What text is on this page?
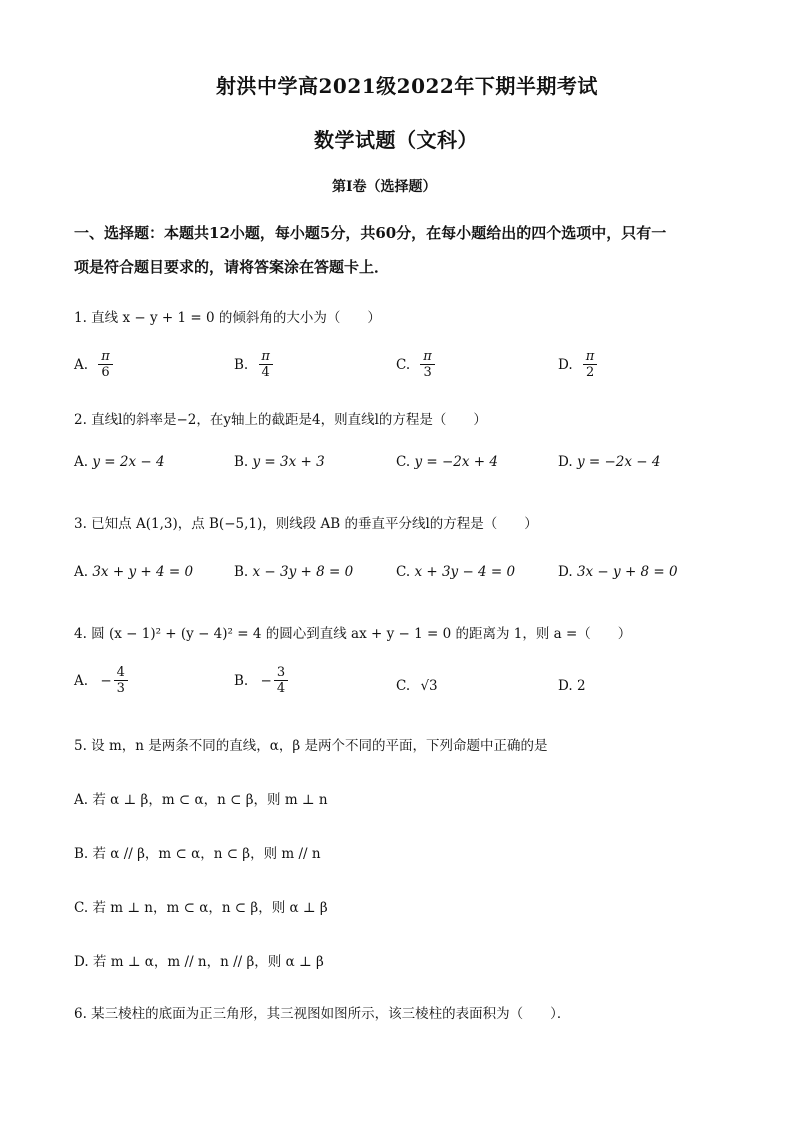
射洪中学高2021级2022年下期半期考试
数学试题（文科）
第Ⅰ卷（选择题）
一、选择题：本题共12小题，每小题5分，共60分，在每小题给出的四个选项中，只有一
项是符合题目要求的，请将答案涂在答题卡上．
1. 直线 x − y + 1 = 0 的倾斜角的大小为（　　）
A. $\frac{\pi}{6}$	B. $\frac{\pi}{4}$	C. $\frac{\pi}{3}$	D. $\frac{\pi}{2}$
2. 直线l的斜率是−2，在y轴上的截距是4，则直线l的方程是（　　）
A. y = 2x − 4	B. y = 3x + 3	C. y = −2x + 4	D. y = −2x − 4
3. 已知点 A(1,3)，点 B(−5,1)，则线段 AB 的垂直平分线l的方程是（　　）
A. 3x + y + 4 = 0	B. x − 3y + 8 = 0	C. x + 3y − 4 = 0	D. 3x − y + 8 = 0
4. 圆 (x − 1)² + (y − 4)² = 4 的圆心到直线 ax + y − 1 = 0 的距离为 1，则 a =（　　）
A. − $\frac{4}{3}$	B. − $\frac{3}{4}$	C. √3	D. 2
5. 设 m，n 是两条不同的直线，α，β 是两个不同的平面，下列命题中正确的是
A. 若 α ⊥ β，m ⊂ α，n ⊂ β，则 m ⊥ n
B. 若 α // β，m ⊂ α，n ⊂ β，则 m // n
C. 若 m ⊥ n，m ⊂ α，n ⊂ β，则 α ⊥ β
D. 若 m ⊥ α，m // n，n // β，则 α ⊥ β
6. 某三棱柱的底面为正三角形，其三视图如图所示，该三棱柱的表面积为（　　）．
